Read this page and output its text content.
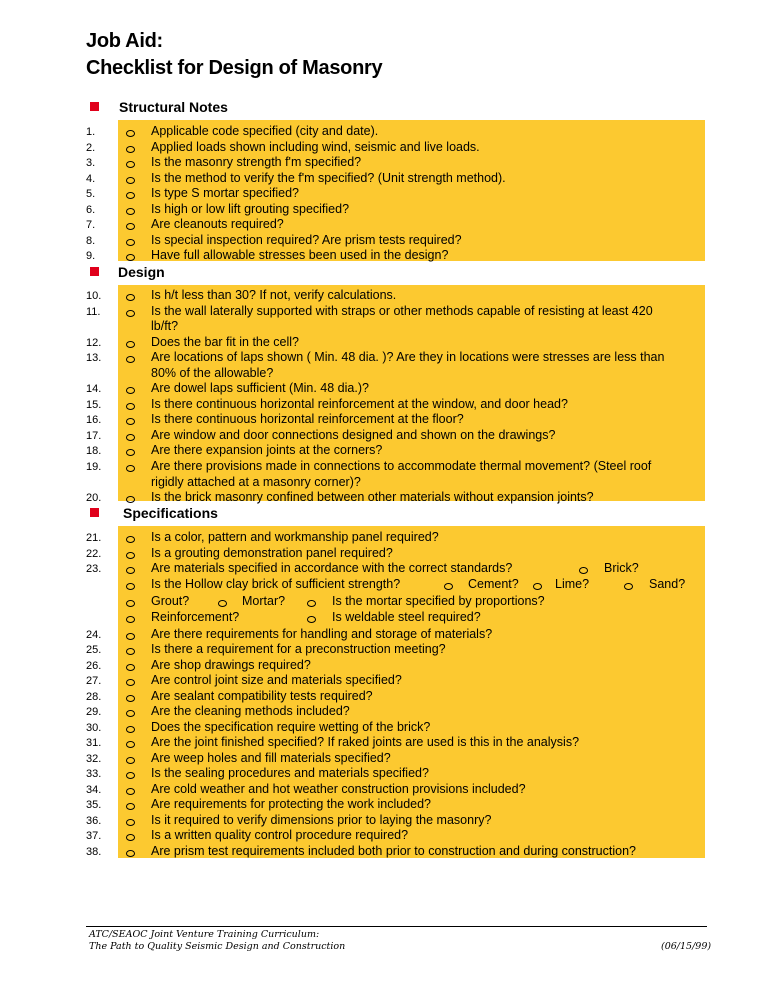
Job Aid:
Checklist for Design of Masonry
Structural Notes
Design
Specifications
1.	Applicable code specified (city and date).
2.	Applied loads shown including wind, seismic and live loads.
3.	Is the masonry strength f'm specified?
4.	Is the method to verify the f'm specified? (Unit strength method).
5.	Is type S mortar specified?
6.	Is high or low lift grouting specified?
7.	Are cleanouts required?
8.	Is special inspection required? Are prism tests required?
9.	Have full allowable stresses been used in the design?
10.	Is h/t less than 30? If not, verify calculations.
11.	Is the wall laterally supported with straps or other methods capable of resisting at least 420
lb/ft?
12.	Does the bar fit in the cell?
13.	Are locations of laps shown ( Min. 48 dia. )? Are they in locations were stresses are less than
80% of the allowable?
14.	Are dowel laps sufficient (Min. 48 dia.)?
15.	Is there continuous horizontal reinforcement at the window, and door head?
16.	Is there continuous horizontal reinforcement at the floor?
17.	Are window and door connections designed and shown on the drawings?
18.	Are there expansion joints at the corners?
19.	Are there provisions made in connections to accommodate thermal movement? (Steel roof
rigidly attached at a masonry corner)?
20.	Is the brick masonry confined between other materials without expansion joints?
21.	Is a color, pattern and workmanship panel required?
22.	Is a grouting demonstration panel required?
23.	Are materials specified in accordance with the correct standards?	Brick?
Is the Hollow clay brick of sufficient strength?	Cement?	Lime?	Sand?
Grout?	Mortar?	Is the mortar specified by proportions?
Reinforcement?	Is weldable steel required?
24.	Are there requirements for handling and storage of materials?
25.	Is there a requirement for a preconstruction meeting?
26.	Are shop drawings required?
27.	Are control joint size and materials specified?
28.	Are sealant compatibility tests required?
29.	Are the cleaning methods included?
30.	Does the specification require wetting of the brick?
31.	Are the joint finished specified? If raked joints are used is this in the analysis?
32.	Are weep holes and fill materials specified?
33.	Is the sealing procedures and materials specified?
34.	Are cold weather and hot weather construction provisions included?
35.	Are requirements for protecting the work included?
36.	Is it required to verify dimensions prior to laying the masonry?
37.	Is a written quality control procedure required?
38.	Are prism test requirements included both prior to construction and during construction?
ATC/SEAOC Joint Venture Training Curriculum:
The Path to Quality Seismic Design and Construction	(06/15/99)
